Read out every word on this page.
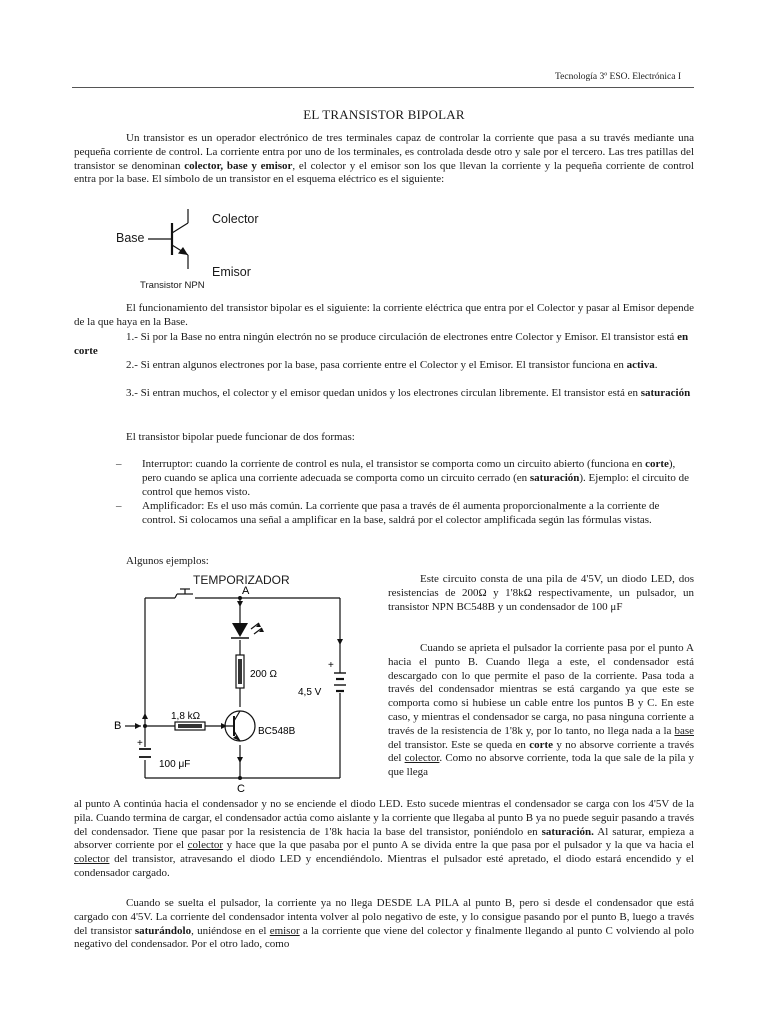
Tecnología 3º ESO. Electrónica I
EL TRANSISTOR BIPOLAR
Un transistor es un operador electrónico de tres terminales capaz de controlar la corriente que pasa a su través mediante una pequeña corriente de control. La corriente entra por uno de los terminales, es controlada desde otro y sale por el tercero. Las tres patillas del transistor se denominan colector, base y emisor, el colector y el emisor son los que llevan la corriente y la pequeña corriente de control entra por la base. El símbolo de un transistor en el esquema eléctrico es el siguiente:
Colector
Base
Emisor
Transistor NPN
El funcionamiento del transistor bipolar es el siguiente: la corriente eléctrica que entra por el Colector y pasar al Emisor depende de la que haya en la Base.
1.- Si por la Base no entra ningún electrón no se produce circulación de electrones entre Colector y Emisor. El transistor está en corte
2.- Si entran algunos electrones por la base, pasa corriente entre el Colector y el Emisor. El transistor funciona en activa.
3.- Si entran muchos, el colector y el emisor quedan unidos y los electrones circulan libremente. El transistor está en saturación
El transistor bipolar puede funcionar de dos formas:
– Interruptor: cuando la corriente de control es nula, el transistor se comporta como un circuito abierto (funciona en corte), pero cuando se aplica una corriente adecuada se comporta como un circuito cerrado (en saturación). Ejemplo: el circuito de control que hemos visto.
– Amplificador: Es el uso más común. La corriente que pasa a través de él aumenta proporcionalmente a la corriente de control. Si colocamos una señal a amplificar en la base, saldrá por el colector amplificada según las fórmulas vistas.
Algunos ejemplos:
TEMPORIZADOR
A
B
C
200 Ω
1,8 kΩ
BC548B
4,5 V
100 μF
+
+
Este circuito consta de una pila de 4'5V, un diodo LED, dos resistencias de 200Ω y 1'8kΩ respectivamente, un pulsador, un transistor NPN BC548B y un condensador de 100 μF
Cuando se aprieta el pulsador la corriente pasa por el punto A hacia el punto B. Cuando llega a este, el condensador está descargado con lo que permite el paso de la corriente. Pasa toda a través del condensador mientras se está cargando ya que este se comporta como si hubiese un cable entre los puntos B y C. En este caso, y mientras el condensador se carga, no pasa ninguna corriente a través de la resistencia de 1'8k y, por lo tanto, no llega nada a la base del transistor. Este se queda en corte y no absorve corriente a través del colector. Como no absorve corriente, toda la que sale de la pila y que llega
al punto A continúa hacia el condensador y no se enciende el diodo LED. Esto sucede mientras el condensador se carga con los 4'5V de la pila. Cuando termina de cargar, el condensador actúa como aislante y la corriente que llegaba al punto B ya no puede seguir pasando a través del condensador. Tiene que pasar por la resistencia de 1'8k hacia la base del transistor, poniéndolo en saturación. Al saturar, empieza a absorver corriente por el colector y hace que la que pasaba por el punto A se divida entre la que pasa por el pulsador y la que va hacia el colector del transistor, atravesando el diodo LED y encendiéndolo. Mientras el pulsador esté apretado, el diodo estará encendido y el condensador cargado.
Cuando se suelta el pulsador, la corriente ya no llega DESDE LA PILA al punto B, pero si desde el condensador que está cargado con 4'5V. La corriente del condensador intenta volver al polo negativo de este, y lo consigue pasando por el punto B, luego a través del transistor saturándolo, uniéndose en el emisor a la corriente que viene del colector y finalmente llegando al punto C volviendo al polo negativo del condensador. Por el otro lado, como
